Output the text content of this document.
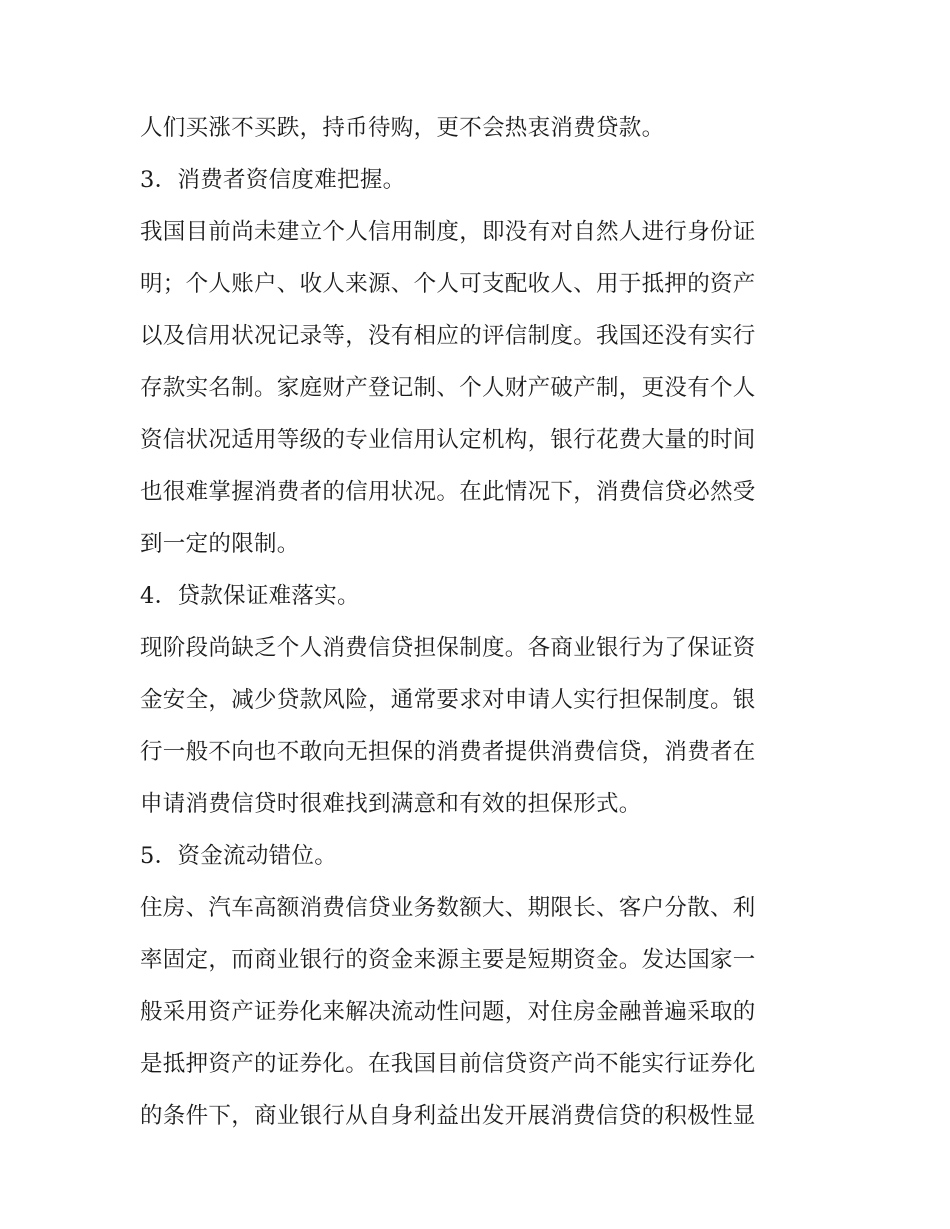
人们买涨不买跌，持币待购，更不会热衷消费贷款。
3．消费者资信度难把握。
我国目前尚未建立个人信用制度，即没有对自然人进行身份证
明；个人账户、收人来源、个人可支配收人、用于抵押的资产
以及信用状况记录等，没有相应的评信制度。我国还没有实行
存款实名制。家庭财产登记制、个人财产破产制，更没有个人
资信状况适用等级的专业信用认定机构，银行花费大量的时间
也很难掌握消费者的信用状况。在此情况下，消费信贷必然受
到一定的限制。
4．贷款保证难落实。
现阶段尚缺乏个人消费信贷担保制度。各商业银行为了保证资
金安全，减少贷款风险，通常要求对申请人实行担保制度。银
行一般不向也不敢向无担保的消费者提供消费信贷，消费者在
申请消费信贷时很难找到满意和有效的担保形式。
5．资金流动错位。
住房、汽车高额消费信贷业务数额大、期限长、客户分散、利
率固定，而商业银行的资金来源主要是短期资金。发达国家一
般采用资产证券化来解决流动性问题，对住房金融普遍采取的
是抵押资产的证券化。在我国目前信贷资产尚不能实行证券化
的条件下，商业银行从自身利益出发开展消费信贷的积极性显
